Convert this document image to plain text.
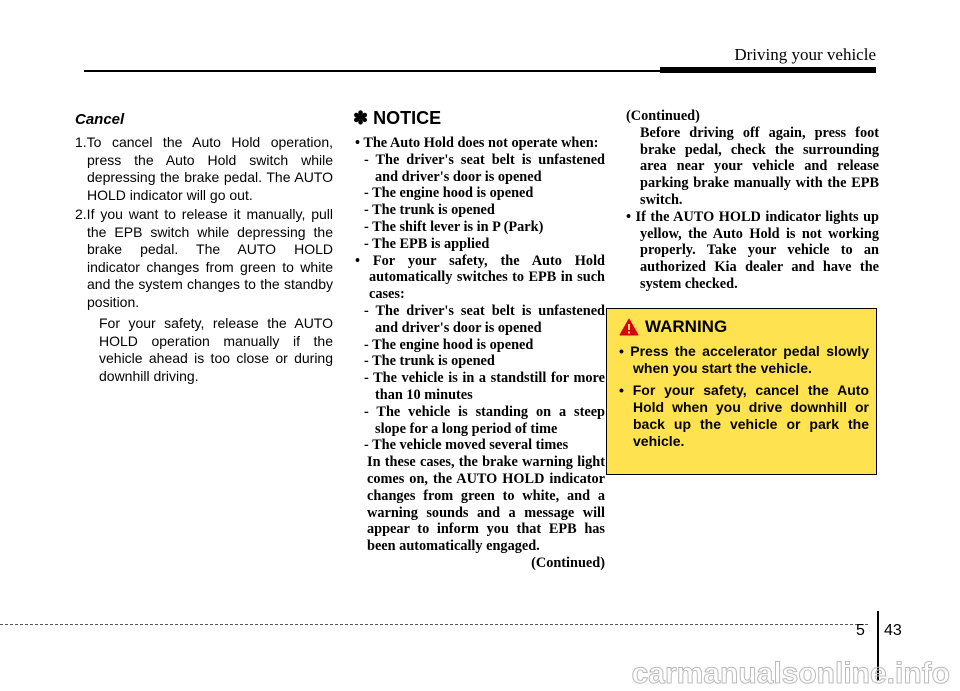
Driving your vehicle
Cancel
1.To cancel the Auto Hold operation, press the Auto Hold switch while depressing the brake pedal. The AUTO HOLD indicator will go out.
2.If you want to release it manually, pull the EPB switch while depressing the brake pedal. The AUTO HOLD indicator changes from green to white and the system changes to the standby position.

For your safety, release the AUTO HOLD operation manually if the vehicle ahead is too close or during downhill driving.

✽ NOTICE
• The Auto Hold does not operate when:
- The driver's seat belt is unfastened and driver's door is opened
- The engine hood is opened
- The trunk is opened
- The shift lever is in P (Park)
- The EPB is applied
• For your safety, the Auto Hold automatically switches to EPB in such cases:
- The driver's seat belt is unfastened and driver's door is opened
- The engine hood is opened
- The trunk is opened
- The vehicle is in a standstill for more than 10 minutes
- The vehicle is standing on a steep slope for a long period of time
- The vehicle moved several times
In these cases, the brake warning light comes on, the AUTO HOLD indicator changes from green to white, and a warning sounds and a message will appear to inform you that EPB has been automatically engaged.
(Continued)
(Continued)
Before driving off again, press foot brake pedal, check the surrounding area near your vehicle and release parking brake manually with the EPB switch.
• If the AUTO HOLD indicator lights up yellow, the Auto Hold is not working properly. Take your vehicle to an authorized Kia dealer and have the system checked.
WARNING
• Press the accelerator pedal slowly when you start the vehicle.
• For your safety, cancel the Auto Hold when you drive downhill or back up the vehicle or park the vehicle.
5 43
carmanualsonline.info
